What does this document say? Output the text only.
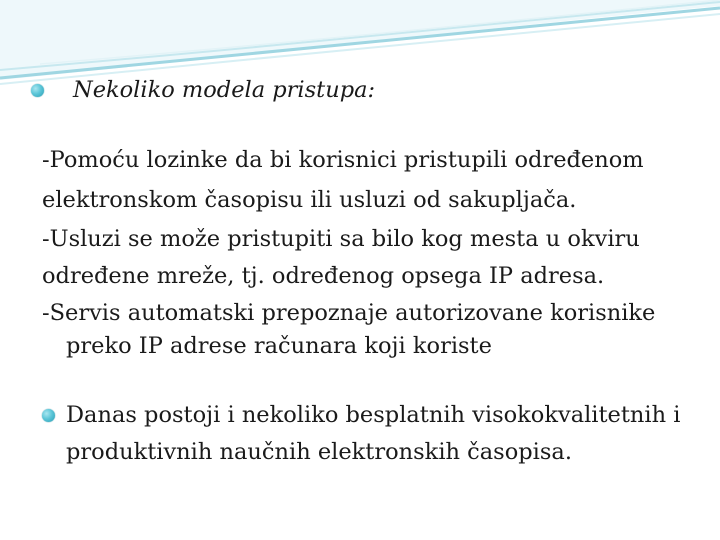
Nekoliko modela pristupa:
-Pomoću lozinke da bi korisnici pristupili određenom
elektronskom časopisu ili usluzi od sakupljača.
-Usluzi se može pristupiti sa bilo kog mesta u okviru
određene mreže, tj. određenog opsega IP adresa.
-Servis automatski prepoznaje autorizovane korisnike
preko IP adrese računara koji koriste
Danas postoji i nekoliko besplatnih visokokvalitetnih i
produktivnih naučnih elektronskih časopisa.
